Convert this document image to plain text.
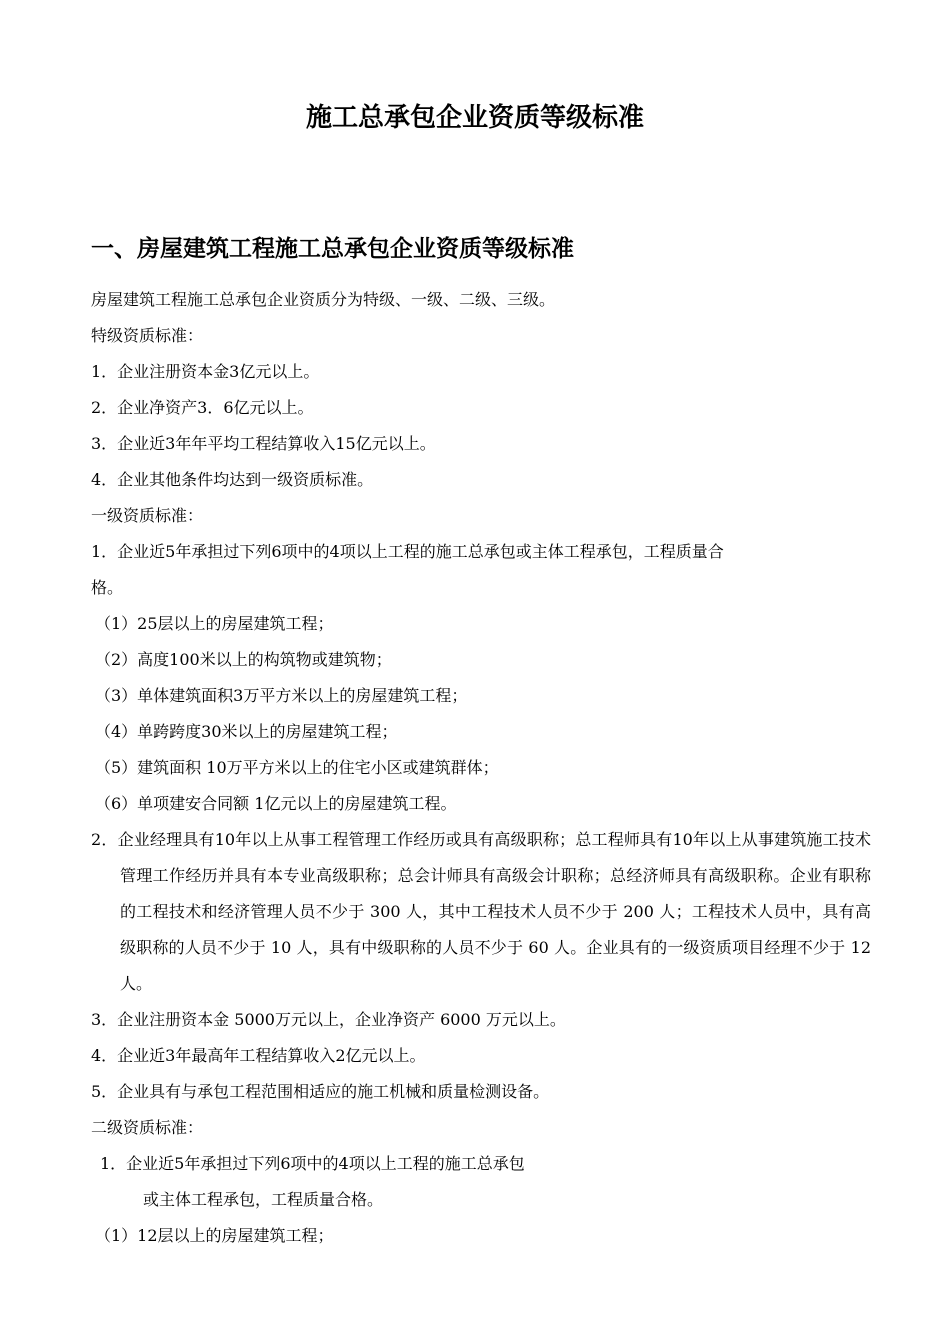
施工总承包企业资质等级标准
一、房屋建筑工程施工总承包企业资质等级标准

房屋建筑工程施工总承包企业资质分为特级、一级、二级、三级。

特级资质标准：

1．企业注册资本金3亿元以上。

2．企业净资产3．6亿元以上。

3．企业近3年年平均工程结算收入15亿元以上。

4．企业其他条件均达到一级资质标准。

一级资质标准：

1．企业近5年承担过下列6项中的4项以上工程的施工总承包或主体工程承包，工程质量合

格。

（1）25层以上的房屋建筑工程；

（2）高度100米以上的构筑物或建筑物；

（3）单体建筑面积3万平方米以上的房屋建筑工程；

（4）单跨跨度30米以上的房屋建筑工程；

（5）建筑面积 10万平方米以上的住宅小区或建筑群体；

（6）单项建安合同额 1亿元以上的房屋建筑工程。

2．企业经理具有10年以上从事工程管理工作经历或具有高级职称；总工程师具有10年以上从事建筑施工技术管理工作经历并具有本专业高级职称；总会计师具有高级会计职称；总经济师具有高级职称。企业有职称的工程技术和经济管理人员不少于 300 人，其中工程技术人员不少于 200 人；工程技术人员中，具有高级职称的人员不少于 10 人，具有中级职称的人员不少于 60 人。企业具有的一级资质项目经理不少于 12 人。

3．企业注册资本金 5000万元以上，企业净资产 6000 万元以上。

4．企业近3年最高年工程结算收入2亿元以上。

5．企业具有与承包工程范围相适应的施工机械和质量检测设备。

二级资质标准：

1．企业近5年承担过下列6项中的4项以上工程的施工总承包

或主体工程承包，工程质量合格。

（1）12层以上的房屋建筑工程；
